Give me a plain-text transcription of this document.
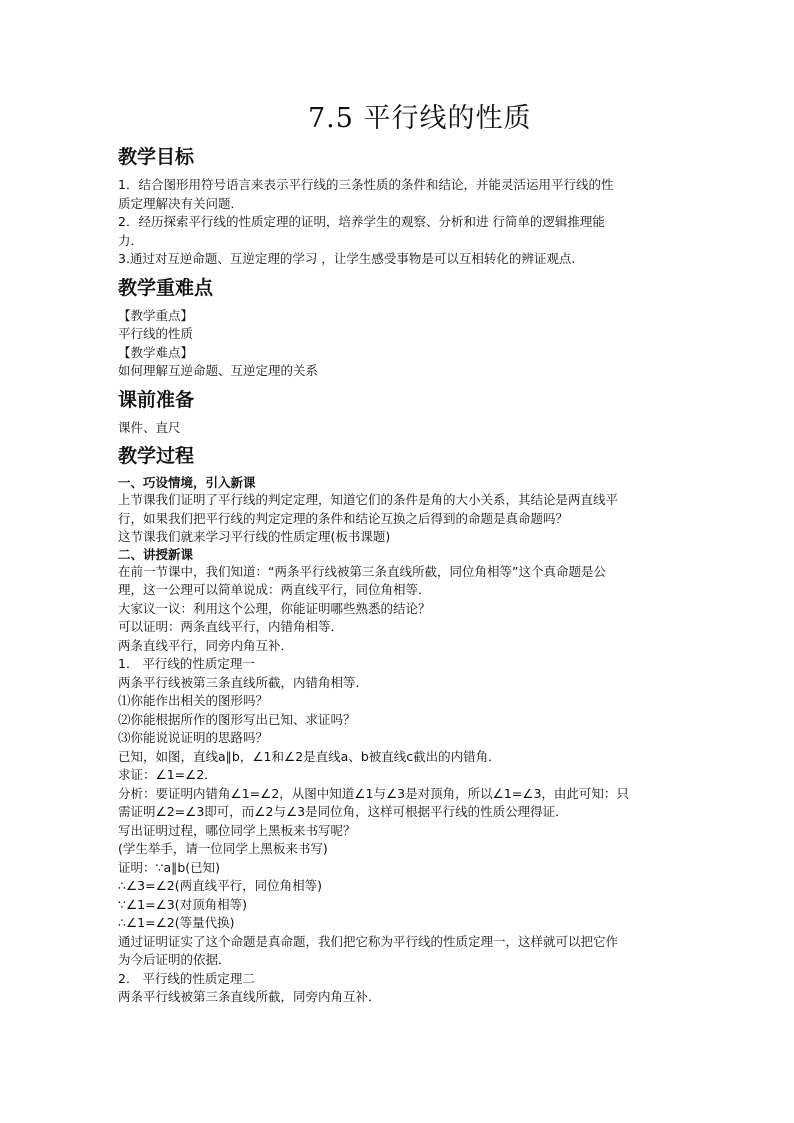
7.5 平行线的性质
教学目标
1．结合图形用符号语言来表示平行线的三条性质的条件和结论，并能灵活运用平行线的性
质定理解决有关问题．
2．经历探索平行线的性质定理的证明，培养学生的观察、分析和进 行简单的逻辑推理能
力．
3.通过对互逆命题、互逆定理的学习 ，让学生感受事物是可以互相转化的辨证观点．
教学重难点
【教学重点】
平行线的性质
【教学难点】
如何理解互逆命题、互逆定理的关系
课前准备
课件、直尺
教学过程
一、巧设情境，引入新课
上节课我们证明了平行线的判定定理，知道它们的条件是角的大小关系，其结论是两直线平
行，如果我们把平行线的判定定理的条件和结论互换之后得到的命题是真命题吗？
这节课我们就来学习平行线的性质定理(板书课题)
二、讲授新课
在前一节课中，我们知道：“两条平行线被第三条直线所截，同位角相等”这个真命题是公
理，这一公理可以简单说成：两直线平行，同位角相等．
大家议一议：利用这个公理，你能证明哪些熟悉的结论？
可以证明：两条直线平行，内错角相等．
两条直线平行，同旁内角互补．
1． 平行线的性质定理一
两条平行线被第三条直线所截，内错角相等．
⑴你能作出相关的图形吗？
⑵你能根据所作的图形写出已知、求证吗？
⑶你能说说证明的思路吗？
已知，如图，直线a∥b，∠1和∠2是直线a、b被直线c截出的内错角．
求证：∠1=∠2．
分析：要证明内错角∠1=∠2，从图中知道∠1与∠3是对顶角，所以∠1=∠3，由此可知：只
需证明∠2=∠3即可，而∠2与∠3是同位角，这样可根据平行线的性质公理得证．
写出证明过程，哪位同学上黑板来书写呢？
(学生举手，请一位同学上黑板来书写)
证明：∵a∥b(已知)
∴∠3=∠2(两直线平行，同位角相等)
∵∠1=∠3(对顶角相等)
∴∠1=∠2(等量代换)
通过证明证实了这个命题是真命题，我们把它称为平行线的性质定理一，这样就可以把它作
为今后证明的依据．
2． 平行线的性质定理二
两条平行线被第三条直线所截，同旁内角互补．
